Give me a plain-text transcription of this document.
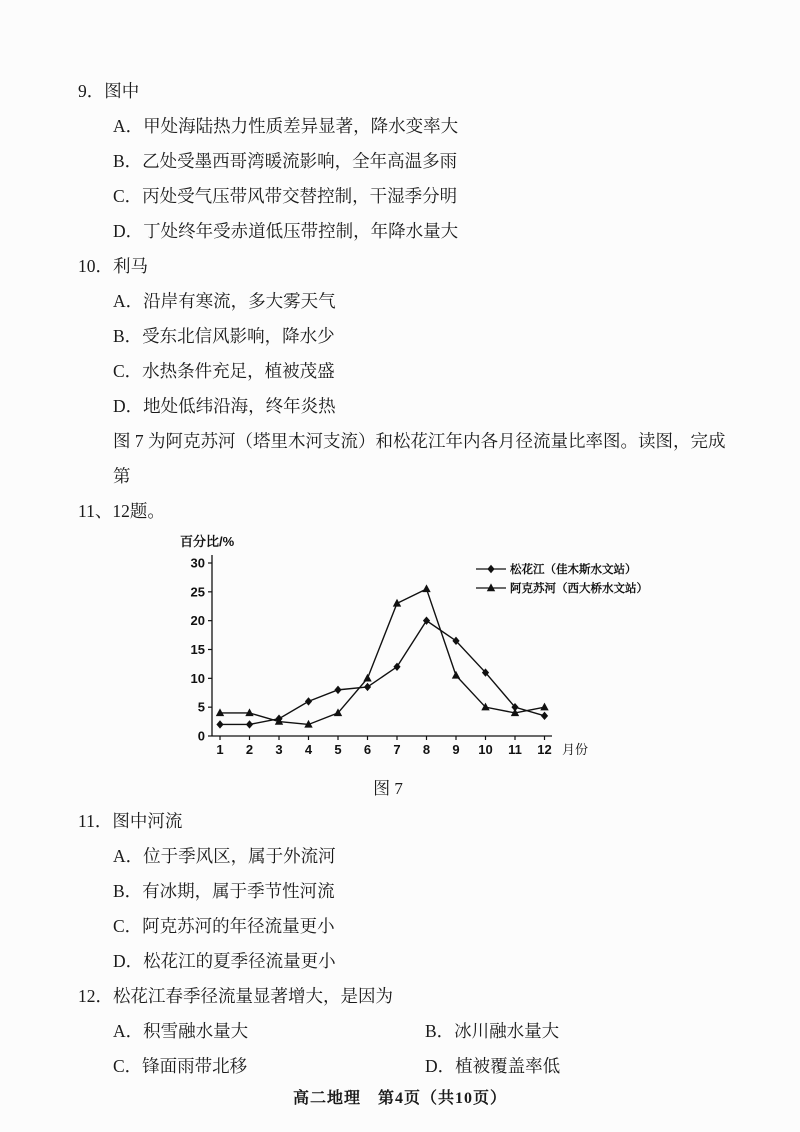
9．图中
A．甲处海陆热力性质差异显著，降水变率大
B．乙处受墨西哥湾暖流影响，全年高温多雨
C．丙处受气压带风带交替控制，干湿季分明
D．丁处终年受赤道低压带控制，年降水量大
10．利马
A．沿岸有寒流，多大雾天气
B．受东北信风影响，降水少
C．水热条件充足，植被茂盛
D．地处低纬沿海，终年炎热
图 7 为阿克苏河（塔里木河支流）和松花江年内各月径流量比率图。读图，完成第
11、12题。
0
5
10
15
20
25
30
1 2 3 4 5 6 7 8 9 10 11 12
百分比/%
月份
松花江（佳木斯水文站）
阿克苏河（西大桥水文站）
图 7
11．图中河流
A．位于季风区，属于外流河
B．有冰期，属于季节性河流
C．阿克苏河的年径流量更小
D．松花江的夏季径流量更小
12．松花江春季径流量显著增大，是因为
A．积雪融水量大	B．冰川融水量大
C．锋面雨带北移	D．植被覆盖率低
高二地理　第4页（共10页）
